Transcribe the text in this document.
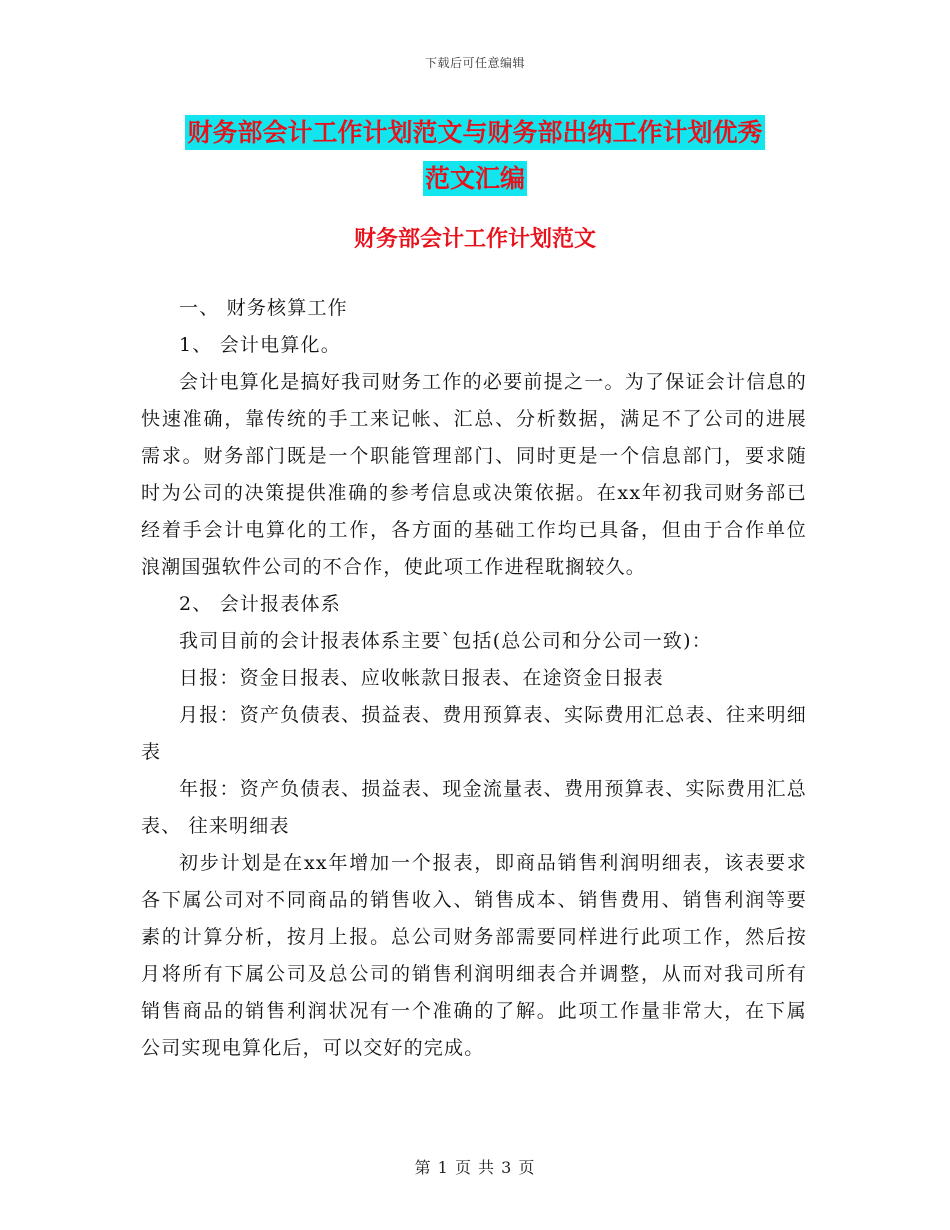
下载后可任意编辑
财务部会计工作计划范文与财务部出纳工作计划优秀
范文汇编
财务部会计工作计划范文

一、 财务核算工作

1、 会计电算化。

会计电算化是搞好我司财务工作的必要前提之一。为了保证会计信息的快速准确，靠传统的手工来记帐、汇总、分析数据，满足不了公司的进展需求。财务部门既是一个职能管理部门、同时更是一个信息部门，要求随时为公司的决策提供准确的参考信息或决策依据。在xx年初我司财务部已经着手会计电算化的工作，各方面的基础工作均已具备，但由于合作单位浪潮国强软件公司的不合作，使此项工作进程耽搁较久。

2、 会计报表体系

我司目前的会计报表体系主要`包括(总公司和分公司一致)：

日报：资金日报表、应收帐款日报表、在途资金日报表

月报：资产负债表、损益表、费用预算表、实际费用汇总表、往来明细表

年报：资产负债表、损益表、现金流量表、费用预算表、实际费用汇总表、 往来明细表

初步计划是在xx年增加一个报表，即商品销售利润明细表，该表要求各下属公司对不同商品的销售收入、销售成本、销售费用、销售利润等要素的计算分析，按月上报。总公司财务部需要同样进行此项工作，然后按月将所有下属公司及总公司的销售利润明细表合并调整，从而对我司所有销售商品的销售利润状况有一个准确的了解。此项工作量非常大，在下属公司实现电算化后，可以交好的完成。

第 1 页 共 3 页
